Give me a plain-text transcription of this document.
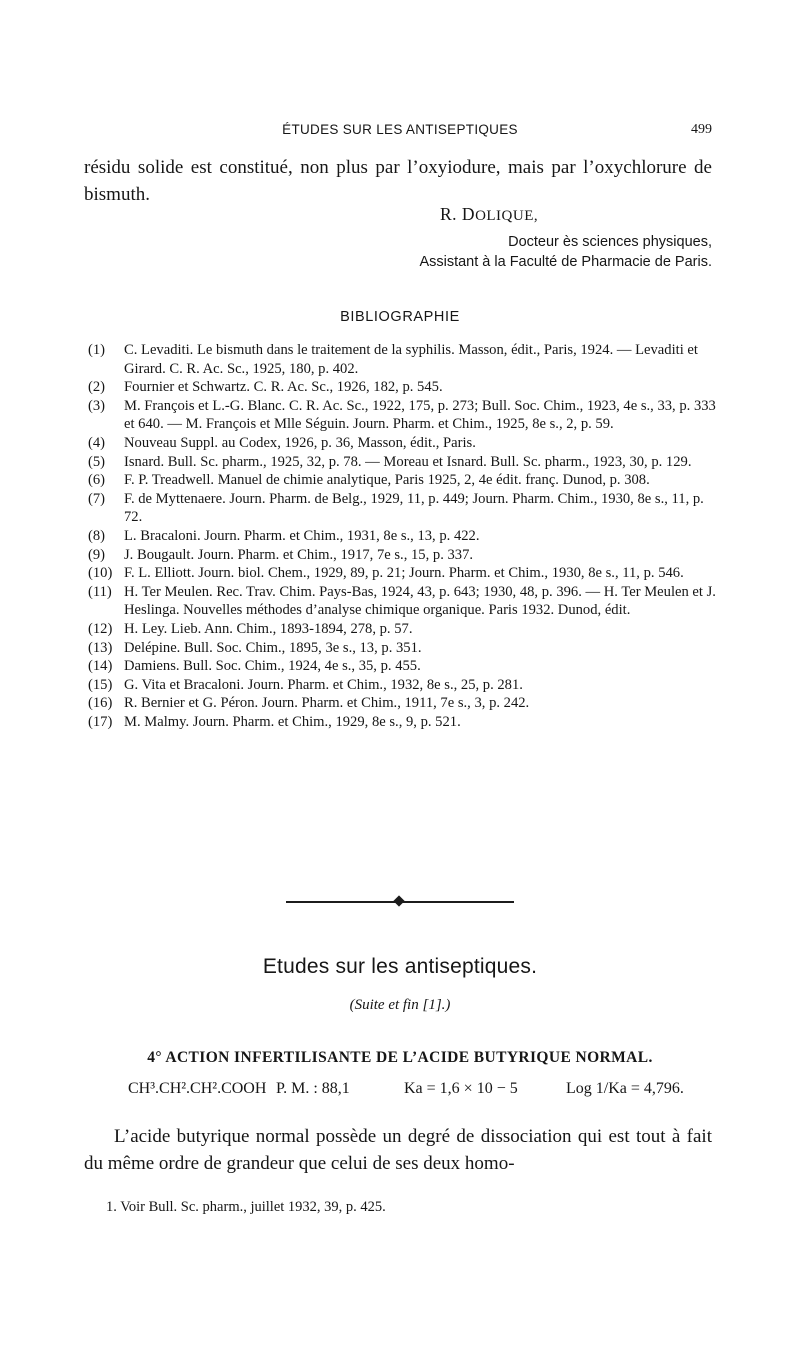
ÉTUDES SUR LES ANTISEPTIQUES	499
résidu solide est constitué, non plus par l’oxyiodure, mais par l’oxychlorure de bismuth.
R. DOLIQUE,
Docteur ès sciences physiques,
Assistant à la Faculté de Pharmacie de Paris.
BIBLIOGRAPHIE
(1)	C. Levaditi. Le bismuth dans le traitement de la syphilis. Masson, édit., Paris, 1924. — Levaditi et Girard. C. R. Ac. Sc., 1925, 180, p. 402.
(2)	Fournier et Schwartz. C. R. Ac. Sc., 1926, 182, p. 545.
(3)	M. François et L.-G. Blanc. C. R. Ac. Sc., 1922, 175, p. 273; Bull. Soc. Chim., 1923, 4e s., 33, p. 333 et 640. — M. François et Mlle Séguin. Journ. Pharm. et Chim., 1925, 8e s., 2, p. 59.
(4)	Nouveau Suppl. au Codex, 1926, p. 36, Masson, édit., Paris.
(5)	Isnard. Bull. Sc. pharm., 1925, 32, p. 78. — Moreau et Isnard. Bull. Sc. pharm., 1923, 30, p. 129.
(6)	F. P. Treadwell. Manuel de chimie analytique, Paris 1925, 2, 4e édit. franç. Dunod, p. 308.
(7)	F. de Myttenaere. Journ. Pharm. de Belg., 1929, 11, p. 449; Journ. Pharm. Chim., 1930, 8e s., 11, p. 72.
(8)	L. Bracaloni. Journ. Pharm. et Chim., 1931, 8e s., 13, p. 422.
(9)	J. Bougault. Journ. Pharm. et Chim., 1917, 7e s., 15, p. 337.
(10) F. L. Elliott. Journ. biol. Chem., 1929, 89, p. 21; Journ. Pharm. et Chim., 1930, 8e s., 11, p. 546.
(11) H. Ter Meulen. Rec. Trav. Chim. Pays-Bas, 1924, 43, p. 643; 1930, 48, p. 396. — H. Ter Meulen et J. Heslinga. Nouvelles méthodes d’analyse chimique organique. Paris 1932. Dunod, édit.
(12) H. Ley. Lieb. Ann. Chim., 1893-1894, 278, p. 57.
(13) Delépine. Bull. Soc. Chim., 1895, 3e s., 13, p. 351.
(14) Damiens. Bull. Soc. Chim., 1924, 4e s., 35, p. 455.
(15) G. Vita et Bracaloni. Journ. Pharm. et Chim., 1932, 8e s., 25, p. 281.
(16) R. Bernier et G. Péron. Journ. Pharm. et Chim., 1911, 7e s., 3, p. 242.
(17) M. Malmy. Journ. Pharm. et Chim., 1929, 8e s., 9, p. 521.
Etudes sur les antiseptiques.
(Suite et fin [1].)
4° ACTION INFERTILISANTE DE L’ACIDE BUTYRIQUE NORMAL.
CH³.CH².CH².COOH P. M. : 88,1	Ka = 1,6 × 10 − 5	Log 1/Ka = 4,796.
L’acide butyrique normal possède un degré de dissociation qui est tout à fait du même ordre de grandeur que celui de ses deux homo-
1. Voir Bull. Sc. pharm., juillet 1932, 39, p. 425.
